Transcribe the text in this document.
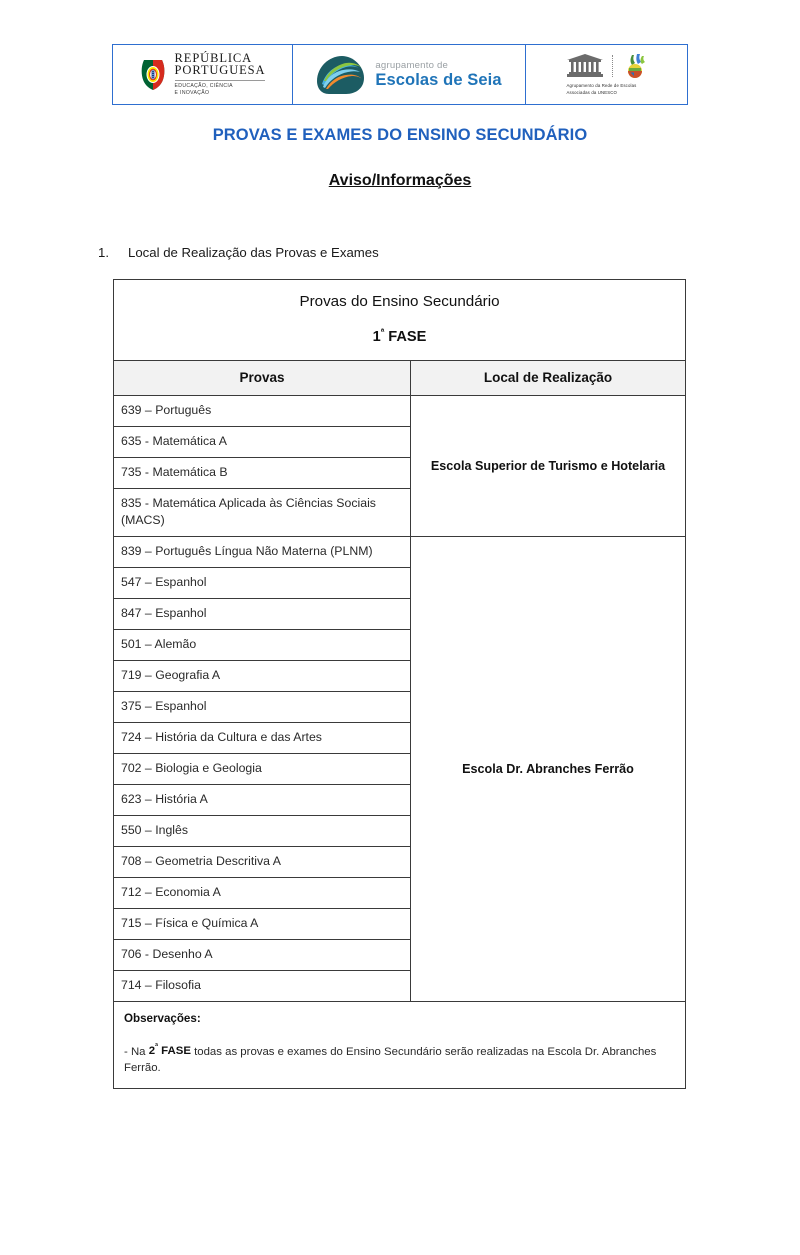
REPÚBLICA
PORTUGUESA
EDUCAÇÃO, CIÊNCIA
E INOVAÇÃO
agrupamento de
Escolas de Seia	Agrupamento da Rede de Escolas
Associadas da UNESCO
PROVAS E EXAMES DO ENSINO SECUNDÁRIO
Aviso/Informações
1.	Local de Realização das Provas e Exames
Provas do Ensino Secundário
$1^ª$ FASE	

Provas	Local de Realização
639 – Português	Escola Superior de Turismo e Hotelaria
635 - Matemática A	
735 - Matemática B	
835 - Matemática Aplicada às Ciências Sociais (MACS)	
839 – Português Língua Não Materna (PLNM)	Escola Dr. Abranches Ferrão
547 – Espanhol	
847 – Espanhol	
501 – Alemão	
719 – Geografia A	
375 – Espanhol	
724 – História da Cultura e das Artes	
702 – Biologia e Geologia	
623 – História A	
550 – Inglês	
708 – Geometria Descritiva A	
712 – Economia A	
715 – Física e Química A	
706 - Desenho A	
714 – Filosofia	

Observações:
- Na $2^ª$ FASE todas as provas e exames do Ensino Secundário serão realizadas na Escola Dr. Abranches Ferrão.	
